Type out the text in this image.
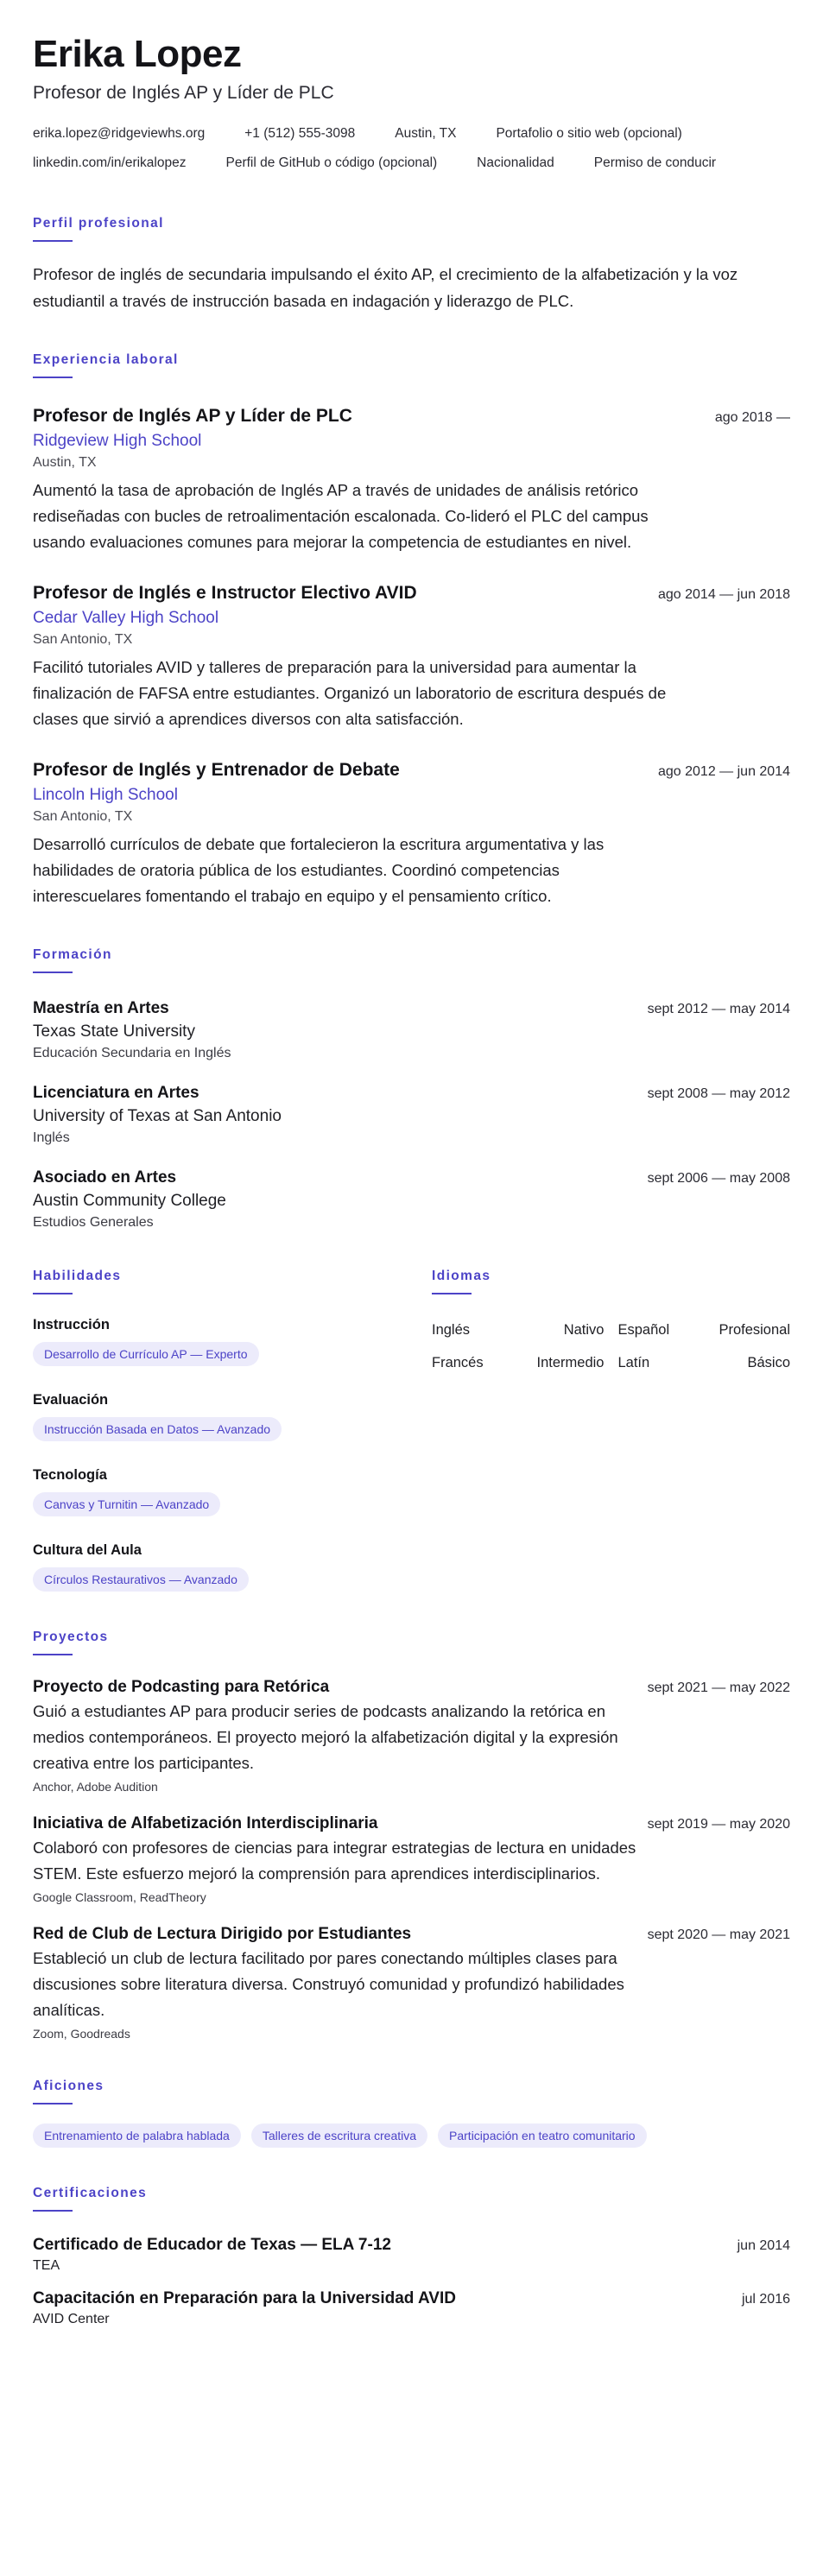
Erika Lopez
Profesor de Inglés AP y Líder de PLC
erika.lopez@ridgeviewhs.org	+1 (512) 555-3098	Austin, TX	Portafolio o sitio web (opcional)
linkedin.com/in/erikalopez	Perfil de GitHub o código (opcional)	Nacionalidad	Permiso de conducir
Perfil profesional

Profesor de inglés de secundaria impulsando el éxito AP, el crecimiento de la alfabetización y la voz estudiantil a través de instrucción basada en indagación y liderazgo de PLC.

Experiencia laboral
Profesor de Inglés AP y Líder de PLC	ago 2018 —
Ridgeview High School
Austin, TX

Aumentó la tasa de aprobación de Inglés AP a través de unidades de análisis retórico rediseñadas con bucles de retroalimentación escalonada. Co-lideró el PLC del campus usando evaluaciones comunes para mejorar la competencia de estudiantes en nivel.

Profesor de Inglés e Instructor Electivo AVID	ago 2014 — jun 2018
Cedar Valley High School
San Antonio, TX

Facilitó tutoriales AVID y talleres de preparación para la universidad para aumentar la finalización de FAFSA entre estudiantes. Organizó un laboratorio de escritura después de clases que sirvió a aprendices diversos con alta satisfacción.

Profesor de Inglés y Entrenador de Debate	ago 2012 — jun 2014
Lincoln High School
San Antonio, TX

Desarrolló currículos de debate que fortalecieron la escritura argumentativa y las habilidades de oratoria pública de los estudiantes. Coordinó competencias interescuelares fomentando el trabajo en equipo y el pensamiento crítico.

Formación
Maestría en Artes	sept 2012 — may 2014
Texas State University
Educación Secundaria en Inglés
Licenciatura en Artes	sept 2008 — may 2012
University of Texas at San Antonio
Inglés
Asociado en Artes	sept 2006 — may 2008
Austin Community College
Estudios Generales
Habilidades
Instrucción
Desarrollo de Currículo AP — Experto
Evaluación
Instrucción Basada en Datos — Avanzado
Tecnología
Canvas y Turnitin — Avanzado
Cultura del Aula
Círculos Restaurativos — Avanzado
Idiomas
Inglés	Nativo Español	Profesional
Francés	Intermedio Latín	Básico
Proyectos
Proyecto de Podcasting para Retórica	sept 2021 — may 2022

Guió a estudiantes AP para producir series de podcasts analizando la retórica en medios contemporáneos. El proyecto mejoró la alfabetización digital y la expresión creativa entre los participantes.

Anchor, Adobe Audition
Iniciativa de Alfabetización Interdisciplinaria	sept 2019 — may 2020

Colaboró con profesores de ciencias para integrar estrategias de lectura en unidades STEM. Este esfuerzo mejoró la comprensión para aprendices interdisciplinarios.

Google Classroom, ReadTheory
Red de Club de Lectura Dirigido por Estudiantes	sept 2020 — may 2021

Estableció un club de lectura facilitado por pares conectando múltiples clases para discusiones sobre literatura diversa. Construyó comunidad y profundizó habilidades analíticas.

Zoom, Goodreads
Aficiones
Entrenamiento de palabra hablada	Talleres de escritura creativa	Participación en teatro comunitario
Certificaciones
Certificado de Educador de Texas — ELA 7-12	jun 2014
TEA
Capacitación en Preparación para la Universidad AVID	jul 2016
AVID Center
